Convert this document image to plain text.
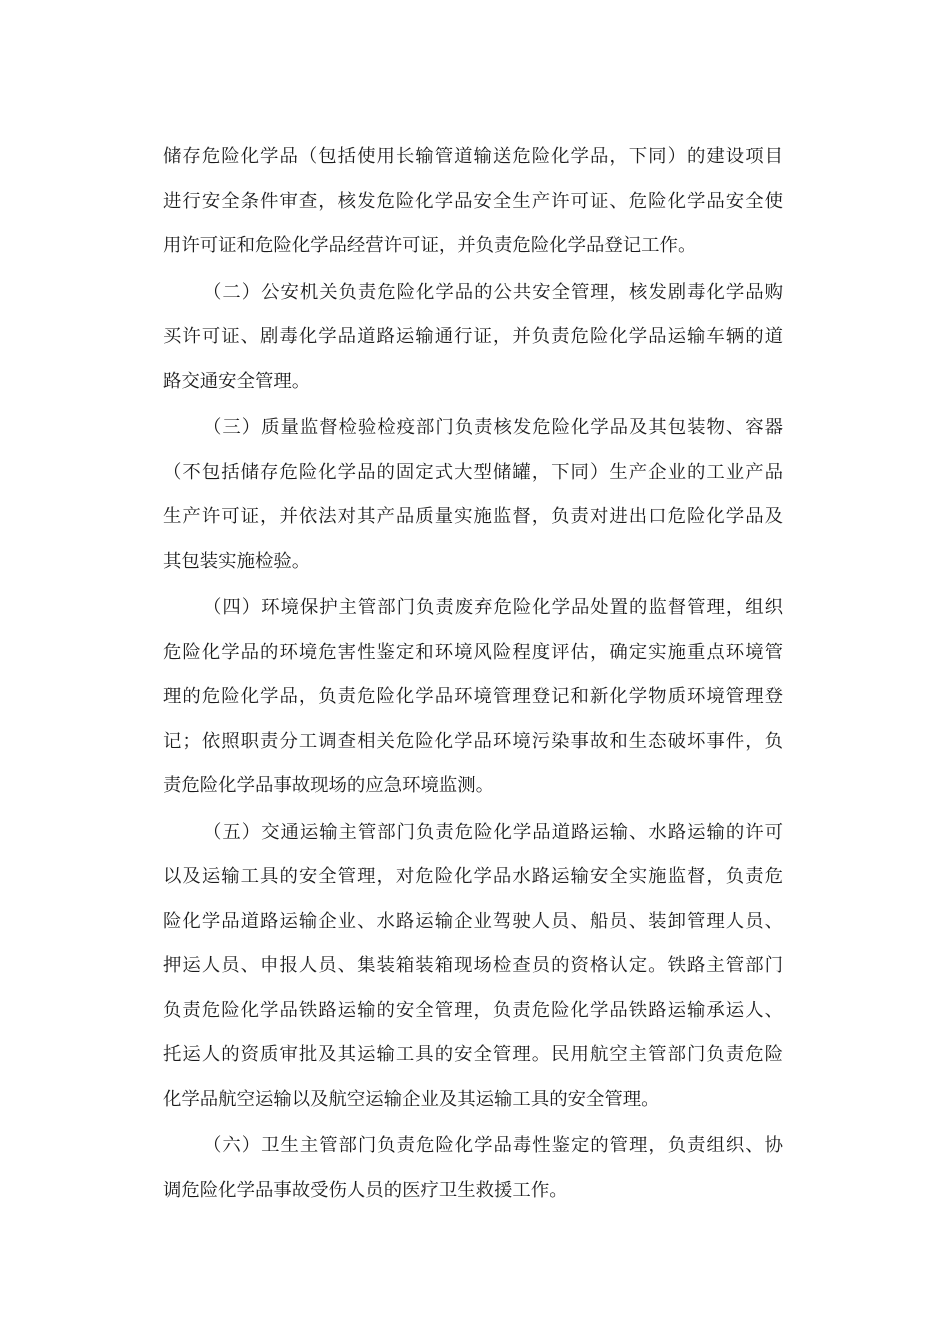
储存危险化学品（包括使用长输管道输送危险化学品，下同）的建设项目
进行安全条件审查，核发危险化学品安全生产许可证、危险化学品安全使
用许可证和危险化学品经营许可证，并负责危险化学品登记工作。
（二）公安机关负责危险化学品的公共安全管理，核发剧毒化学品购
买许可证、剧毒化学品道路运输通行证，并负责危险化学品运输车辆的道
路交通安全管理。
（三）质量监督检验检疫部门负责核发危险化学品及其包装物、容器
（不包括储存危险化学品的固定式大型储罐，下同）生产企业的工业产品
生产许可证，并依法对其产品质量实施监督，负责对进出口危险化学品及
其包装实施检验。
（四）环境保护主管部门负责废弃危险化学品处置的监督管理，组织
危险化学品的环境危害性鉴定和环境风险程度评估，确定实施重点环境管
理的危险化学品，负责危险化学品环境管理登记和新化学物质环境管理登
记；依照职责分工调查相关危险化学品环境污染事故和生态破坏事件，负
责危险化学品事故现场的应急环境监测。
（五）交通运输主管部门负责危险化学品道路运输、水路运输的许可
以及运输工具的安全管理，对危险化学品水路运输安全实施监督，负责危
险化学品道路运输企业、水路运输企业驾驶人员、船员、装卸管理人员、
押运人员、申报人员、集装箱装箱现场检查员的资格认定。铁路主管部门
负责危险化学品铁路运输的安全管理，负责危险化学品铁路运输承运人、
托运人的资质审批及其运输工具的安全管理。民用航空主管部门负责危险
化学品航空运输以及航空运输企业及其运输工具的安全管理。
（六）卫生主管部门负责危险化学品毒性鉴定的管理，负责组织、协
调危险化学品事故受伤人员的医疗卫生救援工作。
